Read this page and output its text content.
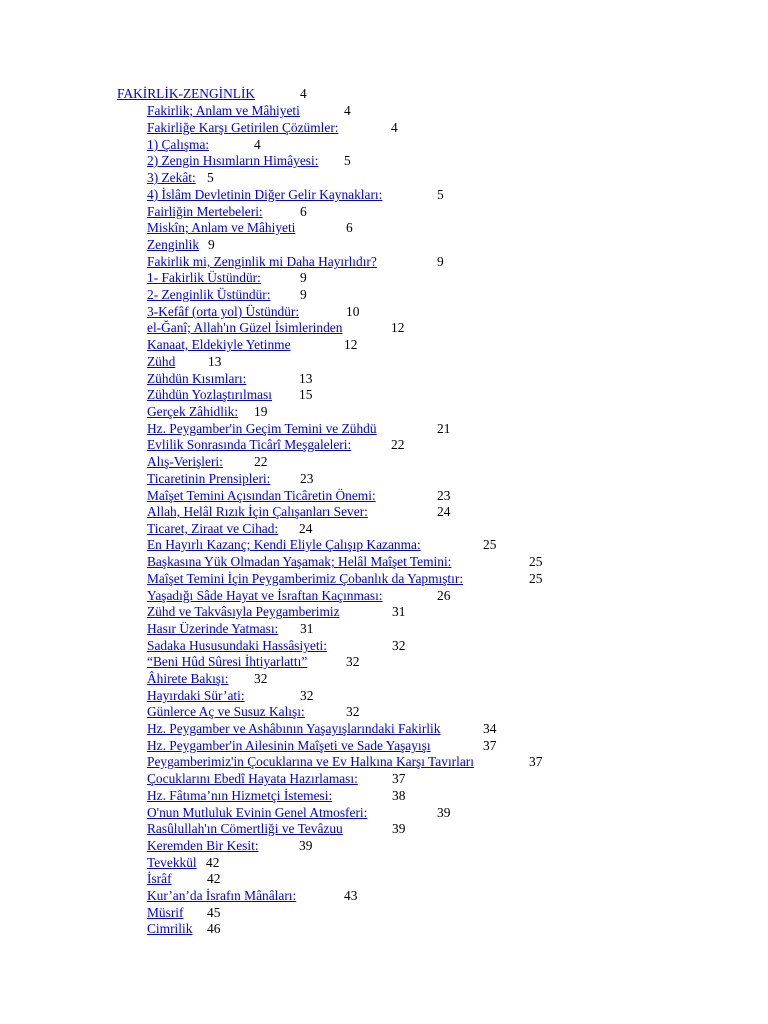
FAKİRLİK-ZENGİNLİK	4
Fakirlik; Anlam ve Mâhiyeti	4
Fakirliğe Karşı Getirilen Çözümler:	4
1) Çalışma:	4
2) Zengin Hısımların Himâyesi: 5
3) Zekât: 5
4) İslâm Devletinin Diğer Gelir Kaynakları:	5
Fairliğin Mertebeleri:	6
Miskîn; Anlam ve Mâhiyeti	6
Zenginlik 9
Fakirlik mi, Zenginlik mi Daha Hayırlıdır?	9
1- Fakirlik Üstündür:	9
2- Zenginlik Üstündür: 9
3-Kefâf (orta yol) Üstündür:	10
el-Ğanî; Allah'ın Güzel İsimlerinden	12
Kanaat, Eldekiyle Yetinme	12
Zühd 13
Zühdün Kısımları:	13
Zühdün Yozlaştırılması 15
Gerçek Zâhidlik: 19
Hz. Peygamber'in Geçim Temini ve Zühdü	21
Evlilik Sonrasında Ticârî Meşgaleleri:	22
Alış-Verişleri: 22
Ticaretinin Prensipleri: 23
Maîşet Temini Açısından Ticâretin Önemi:	23
Allah, Helâl Rızık İçin Çalışanları Sever:	24
Ticaret, Ziraat ve Cihad: 24
En Hayırlı Kazanç; Kendi Eliyle Çalışıp Kazanma:	25
Başkasına Yük Olmadan Yaşamak; Helâl Maîşet Temini:	25
Maîşet Temini İçin Peygamberimiz Çobanlık da Yapmıştır:	25
Yaşadığı Sâde Hayat ve İsraftan Kaçınması:	26
Zühd ve Takvâsıyla Peygamberimiz	31
Hasır Üzerinde Yatması: 31
Sadaka Hususundaki Hassâsiyeti:	32
“Beni Hûd Sûresi İhtiyarlattı”	32
Âhirete Bakışı: 32
Hayırdaki Sür’ati:	32
Günlerce Aç ve Susuz Kalışı:	32
Hz. Peygamber ve Ashâbının Yaşayışlarındaki Fakirlik	34
Hz. Peygamber'in Ailesinin Maîşeti ve Sade Yaşayışı	37
Peygamberimiz'in Çocuklarına ve Ev Halkına Karşı Tavırları	37
Çocuklarını Ebedî Hayata Hazırlaması:	37
Hz. Fâtıma’nın Hizmetçi İstemesi:	38
O'nun Mutluluk Evinin Genel Atmosferi:	39
Rasûlullah'ın Cömertliği ve Tevâzuu	39
Keremden Bir Kesit:	39
Tevekkül 42
İsrâf	42
Kur’an’da İsrafın Mânâları:	43
Müsrif 45
Cimrilik 46
